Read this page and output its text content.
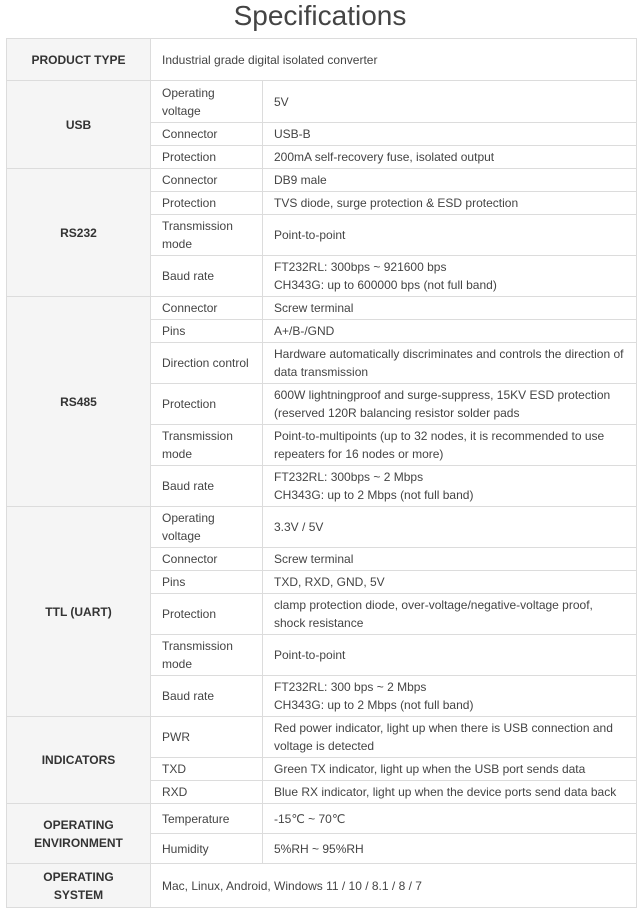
Specifications
PRODUCT TYPE	Industrial grade digital isolated converter	
USB	Operating voltage	5V
	Connector	USB-B
	Protection	200mA self-recovery fuse, isolated output
RS232	Connector	DB9 male
	Protection	TVS diode, surge protection & ESD protection
	Transmission mode	Point-to-point
	Baud rate	FT232RL: 300bps ~ 921600 bps
CH343G: up to 600000 bps (not full band)
RS485	Connector	Screw terminal
	Pins	A+/B-/GND
	Direction control	Hardware automatically discriminates and controls the direction of data transmission
	Protection	600W lightningproof and surge-suppress, 15KV ESD protection (reserved 120R balancing resistor solder pads
	Transmission mode	Point-to-multipoints (up to 32 nodes, it is recommended to use repeaters for 16 nodes or more)
	Baud rate	FT232RL: 300bps ~ 2 Mbps
CH343G: up to 2 Mbps (not full band)
TTL (UART)	Operating voltage	3.3V / 5V
	Connector	Screw terminal
	Pins	TXD, RXD, GND, 5V
	Protection	clamp protection diode, over-voltage/negative-voltage proof, shock resistance
	Transmission mode	Point-to-point
	Baud rate	FT232RL: 300 bps ~ 2 Mbps
CH343G: up to 2 Mbps (not full band)
INDICATORS	PWR	Red power indicator, light up when there is USB connection and voltage is detected
	TXD	Green TX indicator, light up when the USB port sends data
	RXD	Blue RX indicator, light up when the device ports send data back
OPERATING ENVIRONMENT	Temperature	-15℃ ~ 70℃
	Humidity	5%RH ~ 95%RH
OPERATING SYSTEM	Mac, Linux, Android, Windows 11 / 10 / 8.1 / 8 / 7	
